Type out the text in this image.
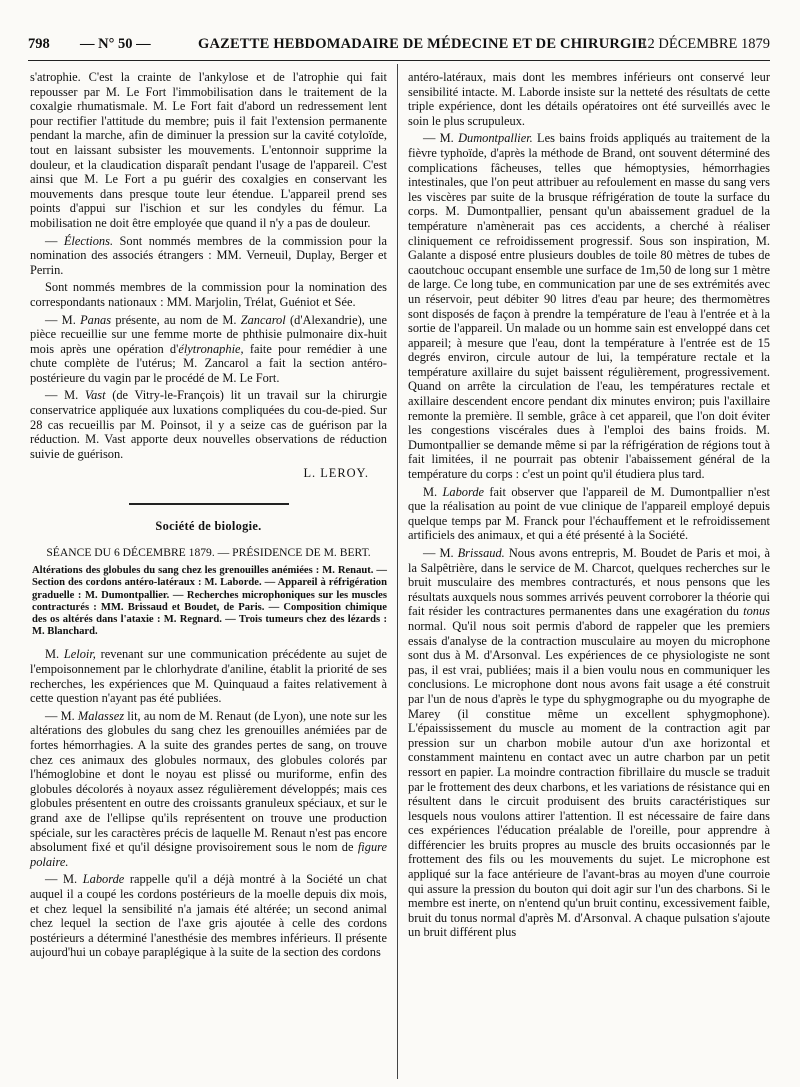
798 — N° 50 —	GAZETTE HEBDOMADAIRE DE MÉDECINE ET DE CHIRURGIE
12 DÉCEMBRE 1879

s'atrophie. C'est la crainte de l'ankylose et de l'atrophie qui fait repousser par M. Le Fort l'immobilisation dans le traitement de la coxalgie rhumatismale. M. Le Fort fait d'abord un redressement lent pour rectifier l'attitude du membre; puis il fait l'extension permanente pendant la marche, afin de diminuer la pression sur la cavité cotyloïde, tout en laissant subsister les mouvements. L'entonnoir supprime la douleur, et la claudication disparaît pendant l'usage de l'appareil. C'est ainsi que M. Le Fort a pu guérir des coxalgies en conservant les mouvements dans presque toute leur étendue. L'appareil prend ses points d'appui sur l'ischion et sur les condyles du fémur. La mobilisation ne doit être employée que quand il n'y a pas de douleur.

— Élections. Sont nommés membres de la commission pour la nomination des associés étrangers : MM. Verneuil, Duplay, Berger et Perrin.

Sont nommés membres de la commission pour la nomination des correspondants nationaux : MM. Marjolin, Trélat, Guéniot et Sée.

— M. Panas présente, au nom de M. Zancarol (d'Alexandrie), une pièce recueillie sur une femme morte de phthisie pulmonaire dix-huit mois après une opération d'élytronaphie, faite pour remédier à une chute complète de l'utérus; M. Zancarol a fait la section antéro-postérieure du vagin par le procédé de M. Le Fort.

— M. Vast (de Vitry-le-François) lit un travail sur la chirurgie conservatrice appliquée aux luxations compliquées du cou-de-pied. Sur 28 cas recueillis par M. Poinsot, il y a seize cas de guérison par la réduction. M. Vast apporte deux nouvelles observations de réduction suivie de guérison.

L. LEROY.
Société de biologie.
SÉANCE DU 6 DÉCEMBRE 1879. — PRÉSIDENCE DE M. BERT.
Altérations des globules du sang chez les grenouilles anémiées : M. Renaut. — Section des cordons antéro-latéraux : M. Laborde. — Appareil à réfrigération graduelle : M. Dumontpallier. — Recherches microphoniques sur les muscles contracturés : MM. Brissaud et Boudet, de Paris. — Composition chimique des os altérés dans l'ataxie : M. Regnard. — Trois tumeurs chez des lézards : M. Blanchard.

M. Leloir, revenant sur une communication précédente au sujet de l'empoisonnement par le chlorhydrate d'aniline, établit la priorité de ses recherches, les expériences que M. Quinquaud a faites relativement à cette question n'ayant pas été publiées.

— M. Malassez lit, au nom de M. Renaut (de Lyon), une note sur les altérations des globules du sang chez les grenouilles anémiées par de fortes hémorrhagies. A la suite des grandes pertes de sang, on trouve chez ces animaux des globules normaux, des globules colorés par l'hémoglobine et dont le noyau est plissé ou muriforme, enfin des globules décolorés à noyaux assez régulièrement développés; mais ces globules présentent en outre des croissants granuleux spéciaux, et sur le grand axe de l'ellipse qu'ils représentent on trouve une production spéciale, sur les caractères précis de laquelle M. Renaut n'est pas encore absolument fixé et qu'il désigne provisoirement sous le nom de figure polaire.

— M. Laborde rappelle qu'il a déjà montré à la Société un chat auquel il a coupé les cordons postérieurs de la moelle depuis dix mois, et chez lequel la sensibilité n'a jamais été altérée; un second animal chez lequel la section de l'axe gris ajoutée à celle des cordons postérieurs a déterminé l'anesthésie des membres inférieurs. Il présente aujourd'hui un cobaye paraplégique à la suite de la section des cordons

antéro-latéraux, mais dont les membres inférieurs ont conservé leur sensibilité intacte. M. Laborde insiste sur la netteté des résultats de cette triple expérience, dont les détails opératoires ont été surveillés avec le soin le plus scrupuleux.

— M. Dumontpallier. Les bains froids appliqués au traitement de la fièvre typhoïde, d'après la méthode de Brand, ont souvent déterminé des complications fâcheuses, telles que hémoptysies, hémorrhagies intestinales, que l'on peut attribuer au refoulement en masse du sang vers les viscères par suite de la brusque réfrigération de toute la surface du corps. M. Dumontpallier, pensant qu'un abaissement graduel de la température n'amènerait pas ces accidents, a cherché à réaliser cliniquement ce refroidissement progressif. Sous son inspiration, M. Galante a disposé entre plusieurs doubles de toile 80 mètres de tubes de caoutchouc occupant ensemble une surface de 1m,50 de long sur 1 mètre de large. Ce long tube, en communication par une de ses extrémités avec un réservoir, peut débiter 90 litres d'eau par heure; des thermomètres sont disposés de façon à prendre la température de l'eau à l'entrée et à la sortie de l'appareil. Un malade ou un homme sain est enveloppé dans cet appareil; à mesure que l'eau, dont la température à l'entrée est de 15 degrés environ, circule autour de lui, la température rectale et la température axillaire du sujet baissent régulièrement, progressivement. Quand on arrête la circulation de l'eau, les températures rectale et axillaire descendent encore pendant dix minutes environ; puis l'axillaire remonte la première. Il semble, grâce à cet appareil, que l'on doit éviter les congestions viscérales dues à l'emploi des bains froids. M. Dumontpallier se demande même si par la réfrigération de régions tout à fait limitées, il ne pourrait pas obtenir l'abaissement général de la température du corps : c'est un point qu'il étudiera plus tard.

M. Laborde fait observer que l'appareil de M. Dumontpallier n'est que la réalisation au point de vue clinique de l'appareil employé depuis quelque temps par M. Franck pour l'échauffement et le refroidissement artificiels des animaux, et qui a été présenté à la Société.

— M. Brissaud. Nous avons entrepris, M. Boudet de Paris et moi, à la Salpêtrière, dans le service de M. Charcot, quelques recherches sur le bruit musculaire des membres contracturés, et nous pensons que les résultats auxquels nous sommes arrivés peuvent corroborer la théorie qui fait résider les contractures permanentes dans une exagération du tonus normal. Qu'il nous soit permis d'abord de rappeler que les premiers essais d'analyse de la contraction musculaire au moyen du microphone sont dus à M. d'Arsonval. Les expériences de ce physiologiste ne sont pas, il est vrai, publiées; mais il a bien voulu nous en communiquer les conclusions. Le microphone dont nous avons fait usage a été construit par l'un de nous d'après le type du sphygmographe ou du myographe de Marey (il constitue même un excellent sphygmophone). L'épaississement du muscle au moment de la contraction agit par pression sur un charbon mobile autour d'un axe horizontal et constamment maintenu en contact avec un autre charbon par un petit ressort en papier. La moindre contraction fibrillaire du muscle se traduit par le frottement des deux charbons, et les variations de résistance qui en résultent dans le circuit produisent des bruits caractéristiques sur lesquels nous voulons attirer l'attention. Il est nécessaire de faire dans ces expériences l'éducation préalable de l'oreille, pour apprendre à différencier les bruits propres au muscle des bruits occasionnés par le frottement des fils ou les mouvements du sujet. Le microphone est appliqué sur la face antérieure de l'avant-bras au moyen d'une courroie qui assure la pression du bouton qui doit agir sur l'un des charbons. Si le membre est inerte, on n'entend qu'un bruit continu, excessivement faible, bruit du tonus normal d'après M. d'Arsonval. A chaque pulsation s'ajoute un bruit différent plus
